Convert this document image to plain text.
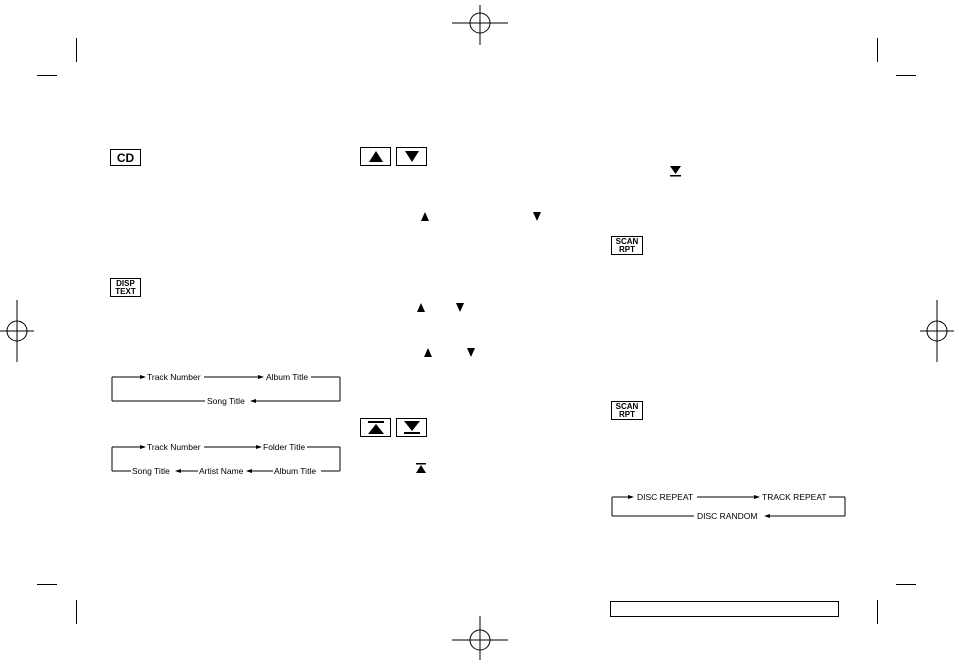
CD
DISP
TEXT
Track Number	Album Title
Song Title
Track Number	Folder Title
Song Title	Artist Name	Album Title
SCAN
RPT
SCAN
RPT
DISC REPEAT	TRACK REPEAT
DISC RANDOM
